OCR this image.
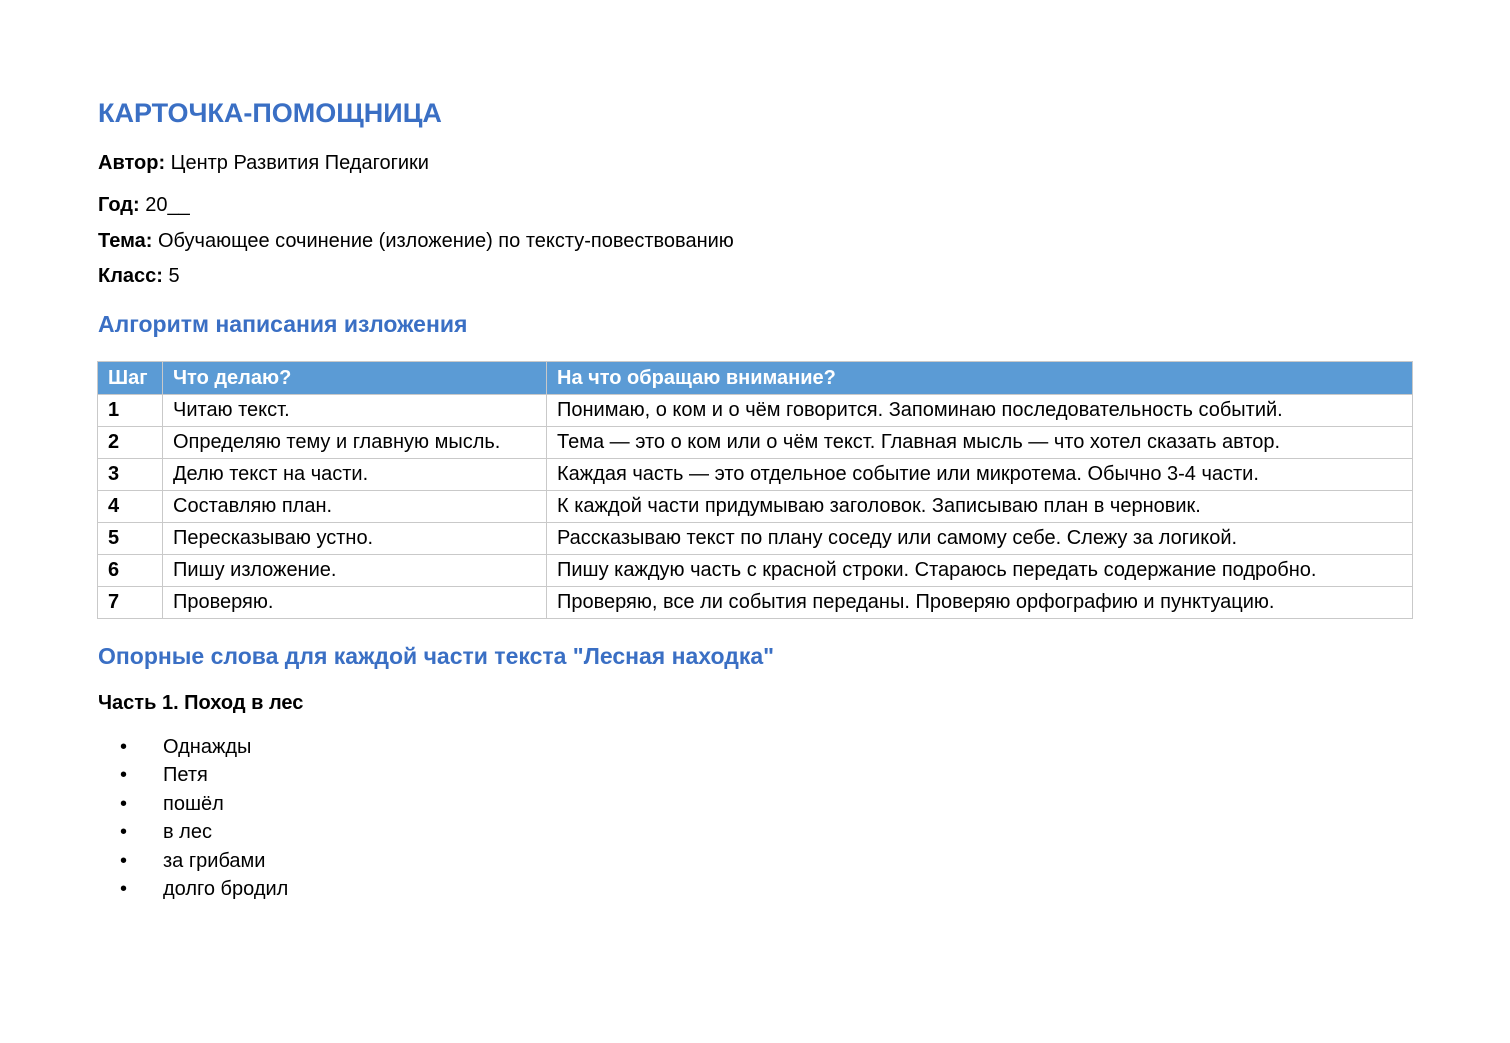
КАРТОЧКА-ПОМОЩНИЦА

Автор: Центр Развития Педагогики

Год: 20__

Тема: Обучающее сочинение (изложение) по тексту-повествованию

Класс: 5

Алгоритм написания изложения
Шаг	Что делаю?	На что обращаю внимание?
1	Читаю текст.	Понимаю, о ком и о чём говорится. Запоминаю последовательность событий.
2	Определяю тему и главную мысль.	Тема — это о ком или о чём текст. Главная мысль — что хотел сказать автор.
3	Делю текст на части.	Каждая часть — это отдельное событие или микротема. Обычно 3-4 части.
4	Составляю план.	К каждой части придумываю заголовок. Записываю план в черновик.
5	Пересказываю устно.	Рассказываю текст по плану соседу или самому себе. Слежу за логикой.
6	Пишу изложение.	Пишу каждую часть с красной строки. Стараюсь передать содержание подробно.
7	Проверяю.	Проверяю, все ли события переданы. Проверяю орфографию и пунктуацию.
Опорные слова для каждой части текста "Лесная находка"
Часть 1. Поход в лес
• Однажды
• Петя
• пошёл
• в лес
• за грибами
• долго бродил
